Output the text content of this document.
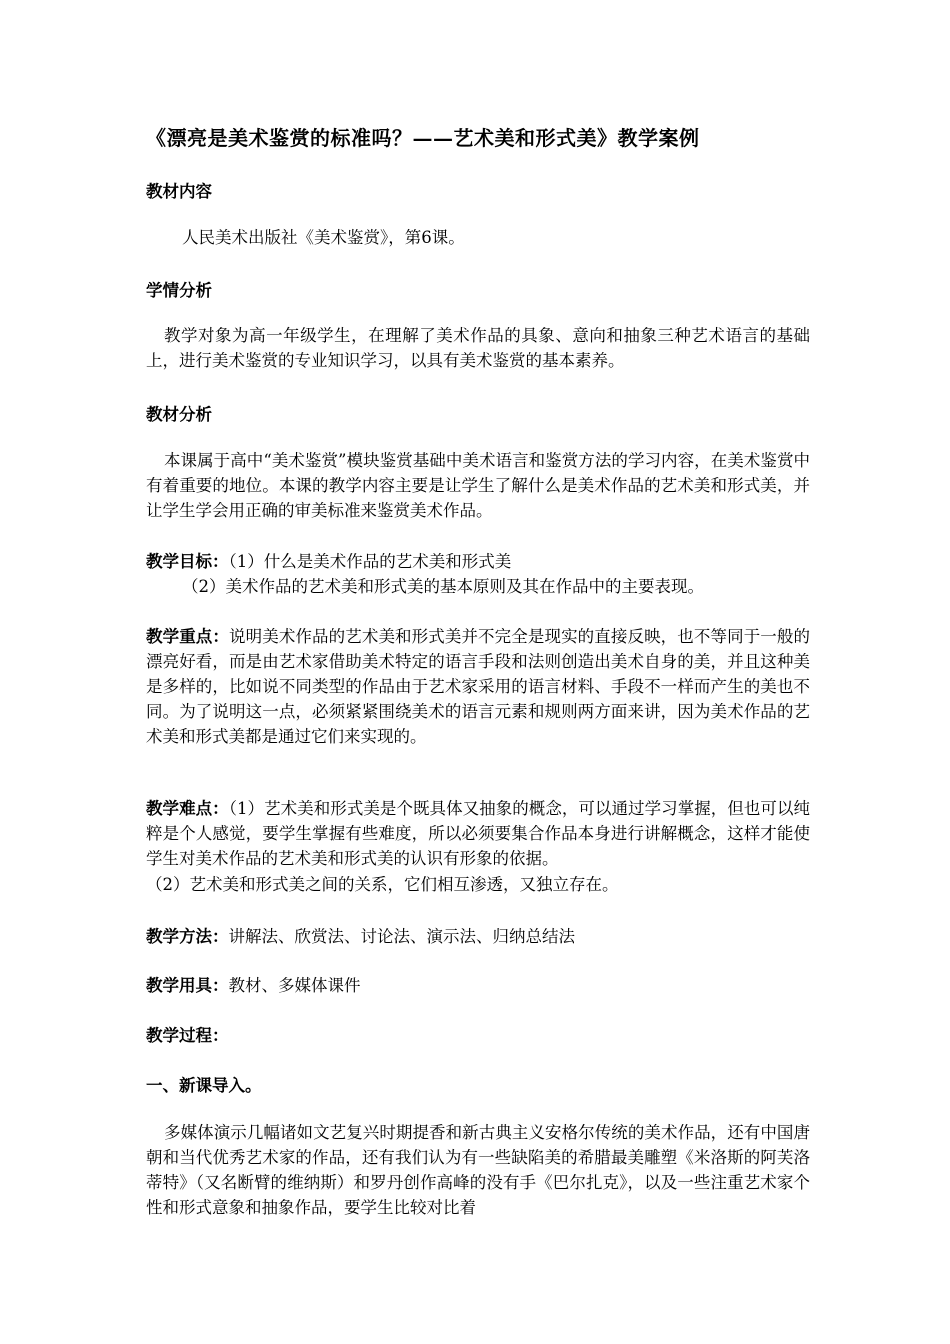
《漂亮是美术鉴赏的标准吗？——艺术美和形式美》教学案例
教材内容
人民美术出版社《美术鉴赏》，第6课。
学情分析
教学对象为高一年级学生，在理解了美术作品的具象、意向和抽象三种艺术语言的基础上，进行美术鉴赏的专业知识学习，以具有美术鉴赏的基本素养。
教材分析
本课属于高中“美术鉴赏”模块鉴赏基础中美术语言和鉴赏方法的学习内容，在美术鉴赏中有着重要的地位。本课的教学内容主要是让学生了解什么是美术作品的艺术美和形式美，并让学生学会用正确的审美标准来鉴赏美术作品。
教学目标：（1）什么是美术作品的艺术美和形式美
（2）美术作品的艺术美和形式美的基本原则及其在作品中的主要表现。
教学重点：说明美术作品的艺术美和形式美并不完全是现实的直接反映，也不等同于一般的漂亮好看，而是由艺术家借助美术特定的语言手段和法则创造出美术自身的美，并且这种美是多样的，比如说不同类型的作品由于艺术家采用的语言材料、手段不一样而产生的美也不同。为了说明这一点，必须紧紧围绕美术的语言元素和规则两方面来讲，因为美术作品的艺术美和形式美都是通过它们来实现的。
教学难点：（1）艺术美和形式美是个既具体又抽象的概念，可以通过学习掌握，但也可以纯粹是个人感觉，要学生掌握有些难度，所以必须要集合作品本身进行讲解概念，这样才能使学生对美术作品的艺术美和形式美的认识有形象的依据。
（2）艺术美和形式美之间的关系，它们相互渗透，又独立存在。
教学方法：讲解法、欣赏法、讨论法、演示法、归纳总结法
教学用具：教材、多媒体课件
教学过程：
一、新课导入。
多媒体演示几幅诸如文艺复兴时期提香和新古典主义安格尔传统的美术作品，还有中国唐朝和当代优秀艺术家的作品，还有我们认为有一些缺陷美的希腊最美雕塑《米洛斯的阿芙洛蒂特》（又名断臂的维纳斯）和罗丹创作高峰的没有手《巴尔扎克》，以及一些注重艺术家个性和形式意象和抽象作品，要学生比较对比着
